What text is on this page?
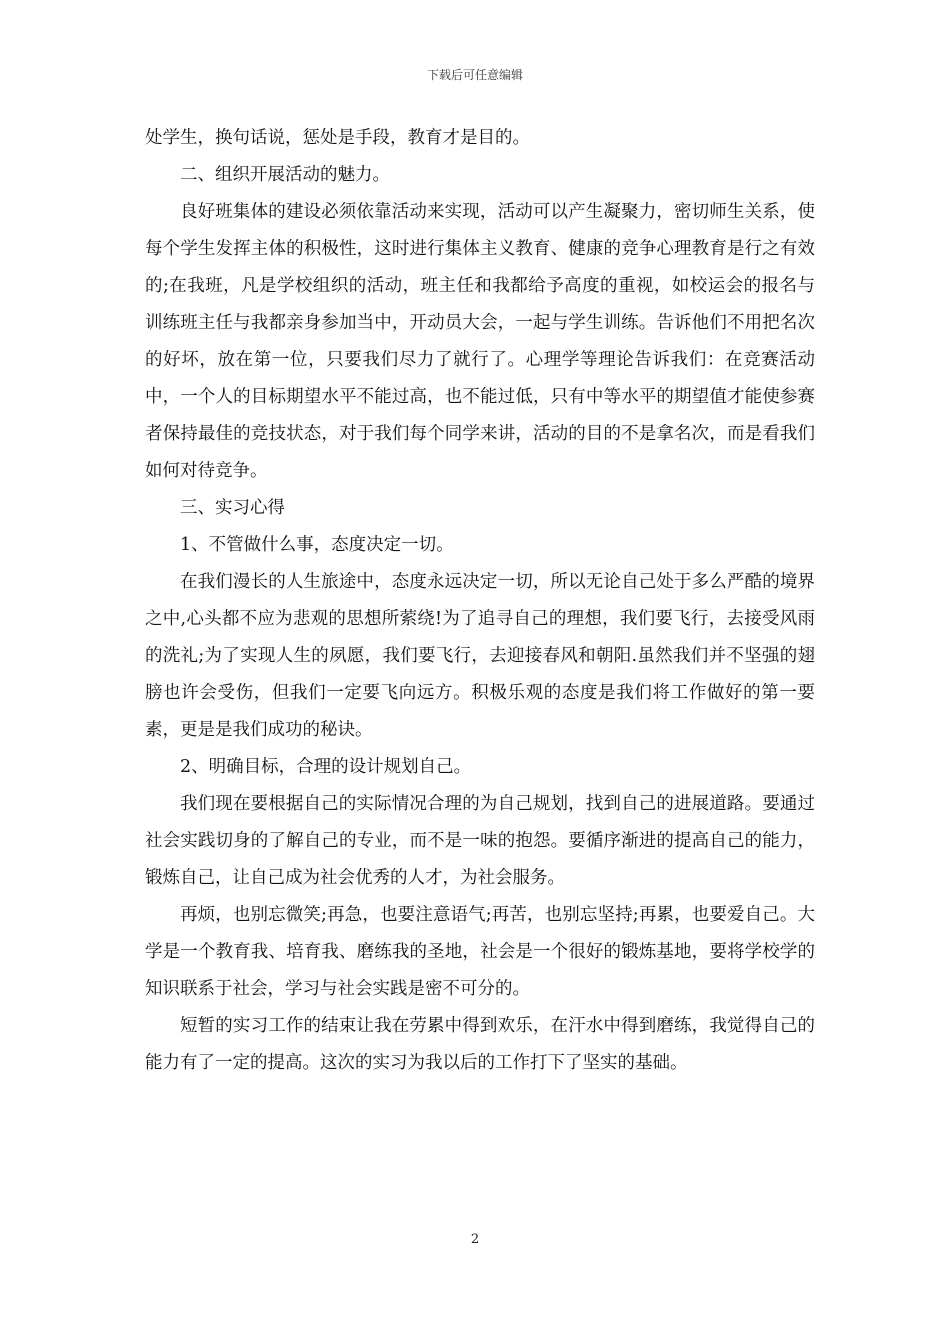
下载后可任意编辑

处学生，换句话说，惩处是手段，教育才是目的。

二、组织开展活动的魅力。

良好班集体的建设必须依靠活动来实现，活动可以产生凝聚力，密切师生关系，使每个学生发挥主体的积极性，这时进行集体主义教育、健康的竞争心理教育是行之有效的;在我班，凡是学校组织的活动，班主任和我都给予高度的重视，如校运会的报名与训练班主任与我都亲身参加当中，开动员大会，一起与学生训练。告诉他们不用把名次的好坏，放在第一位，只要我们尽力了就行了。心理学等理论告诉我们：在竞赛活动中，一个人的目标期望水平不能过高，也不能过低，只有中等水平的期望值才能使参赛者保持最佳的竞技状态，对于我们每个同学来讲，活动的目的不是拿名次，而是看我们如何对待竞争。

三、实习心得

1、不管做什么事，态度决定一切。

在我们漫长的人生旅途中，态度永远决定一切，所以无论自己处于多么严酷的境界之中,心头都不应为悲观的思想所萦绕!为了追寻自己的理想，我们要飞行，去接受风雨的洗礼;为了实现人生的夙愿，我们要飞行，去迎接春风和朝阳.虽然我们并不坚强的翅膀也许会受伤，但我们一定要飞向远方。积极乐观的态度是我们将工作做好的第一要素，更是是我们成功的秘诀。

2、明确目标，合理的设计规划自己。

我们现在要根据自己的实际情况合理的为自己规划，找到自己的进展道路。要通过社会实践切身的了解自己的专业，而不是一味的抱怨。要循序渐进的提高自己的能力，锻炼自己，让自己成为社会优秀的人才，为社会服务。

再烦，也别忘微笑;再急，也要注意语气;再苦，也别忘坚持;再累，也要爱自己。大学是一个教育我、培育我、磨练我的圣地，社会是一个很好的锻炼基地，要将学校学的知识联系于社会，学习与社会实践是密不可分的。

短暂的实习工作的结束让我在劳累中得到欢乐，在汗水中得到磨练，我觉得自己的能力有了一定的提高。这次的实习为我以后的工作打下了坚实的基础。

2
